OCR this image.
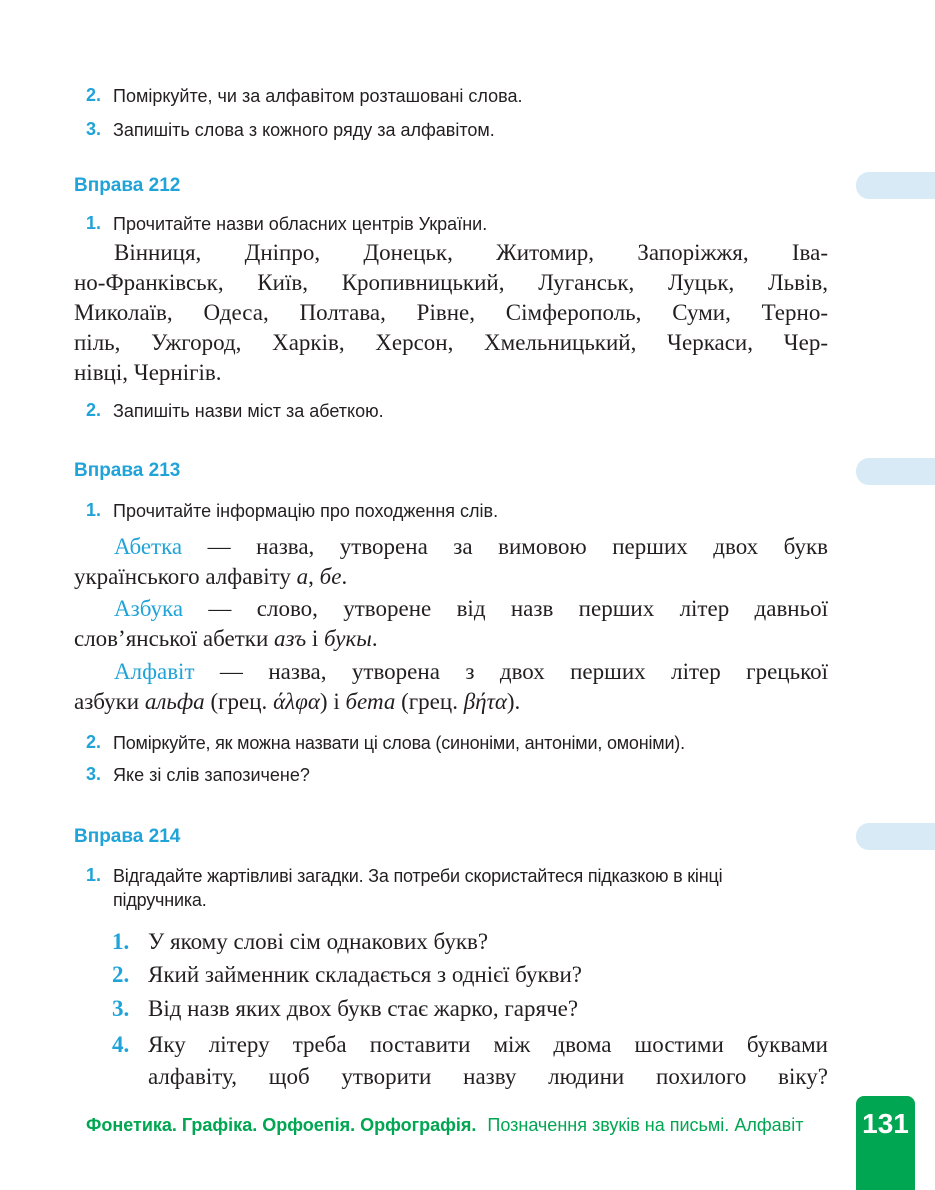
2. Поміркуйте, чи за алфавітом розташовані слова.
3. Запишіть слова з кожного ряду за алфавітом.
Вправа 212
1. Прочитайте назви обласних центрів України.
Вінниця, Дніпро, Донецьк, Житомир, Запоріжжя, Іва-
но-Франківськ, Київ, Кропивницький, Луганськ, Луцьк, Львів,
Миколаїв, Одеса, Полтава, Рівне, Сімферополь, Суми, Терно-
піль, Ужгород, Харків, Херсон, Хмельницький, Черкаси, Чер-
нівці, Чернігів.
2. Запишіть назви міст за абеткою.
Вправа 213
1. Прочитайте інформацію про походження слів.
Абетка — назва, утворена за вимовою перших двох букв
українського алфавіту а, бе.
Азбука — слово, утворене від назв перших літер давньої
слов’янської абетки азъ і букы.
Алфавіт — назва, утворена з двох перших літер грецької
азбуки альфа (грец. άλφα) і бета (грец. βήτα).
2. Поміркуйте, як можна назвати ці слова (синоніми, антоніми, омоніми).
3. Яке зі слів запозичене?
Вправа 214
1. Відгадайте жартівливі загадки. За потреби скористайтеся підказкою в кінці
підручника.
1. У якому слові сім однакових букв?
2. Який займенник складається з однієї букви?
3. Від назв яких двох букв стає жарко, гаряче?
4. Яку літеру треба поставити між двома шостими буквами
алфавіту, щоб утворити назву людини похилого віку?
Фонетика. Графіка. Орфоепія. Орфографія. Позначення звуків на письмі. Алфавіт 131
